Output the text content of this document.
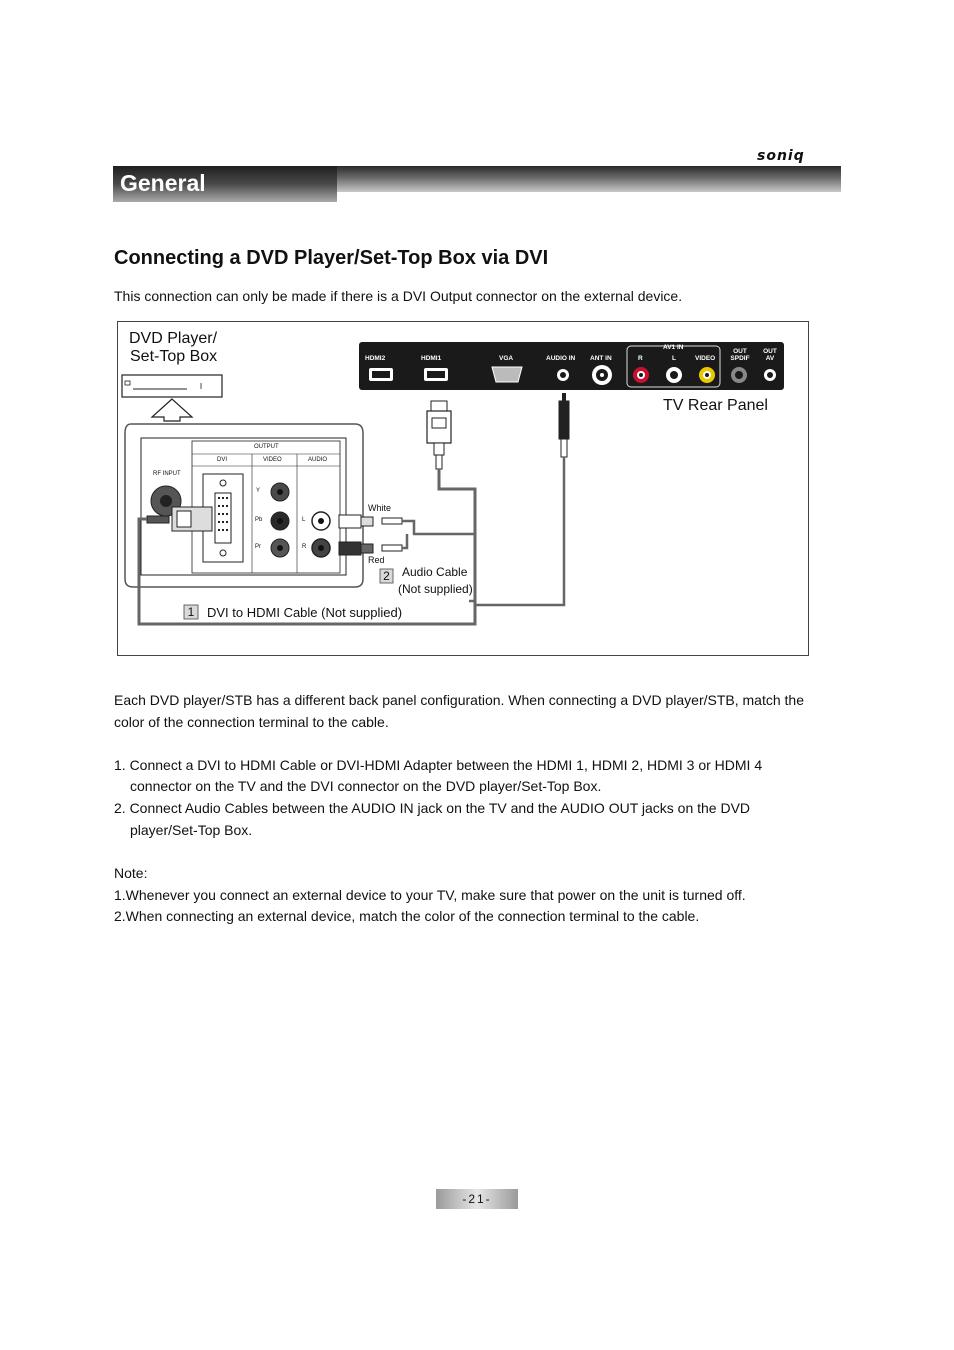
soniq
General Description
Connecting a DVD Player/Set-Top Box via DVI
This connection can only be made if there is a DVI Output connector on the external device.
DVD Player/
Set-Top Box
TV Rear Panel
HDMI2	HDMI1	VGA	AUDIO IN ANT IN
AV1 IN
R	L	VIDEO
OUT SPDIF
OUT AV
RF INPUT
OUTPUT
DVI	VIDEO	AUDIO
Y
Pb
Pr
L
R
White
Red
2 Audio Cable
(Not supplied)
1 DVI to HDMI Cable (Not supplied)
Each DVD player/STB has a different back panel configuration. When connecting a DVD player/STB, match the color of the connection terminal to the cable.
1. Connect a DVI to HDMI Cable or DVI-HDMI Adapter between the HDMI 1, HDMI 2, HDMI 3 or HDMI 4
connector on the TV and the DVI connector on the DVD player/Set-Top Box.
2. Connect Audio Cables between the AUDIO IN jack on the TV and the AUDIO OUT jacks on the DVD
player/Set-Top Box.
Note:
1.Whenever you connect an external device to your TV, make sure that power on the unit is turned off.
2.When connecting an external device, match the color of the connection terminal to the cable.
-21-
